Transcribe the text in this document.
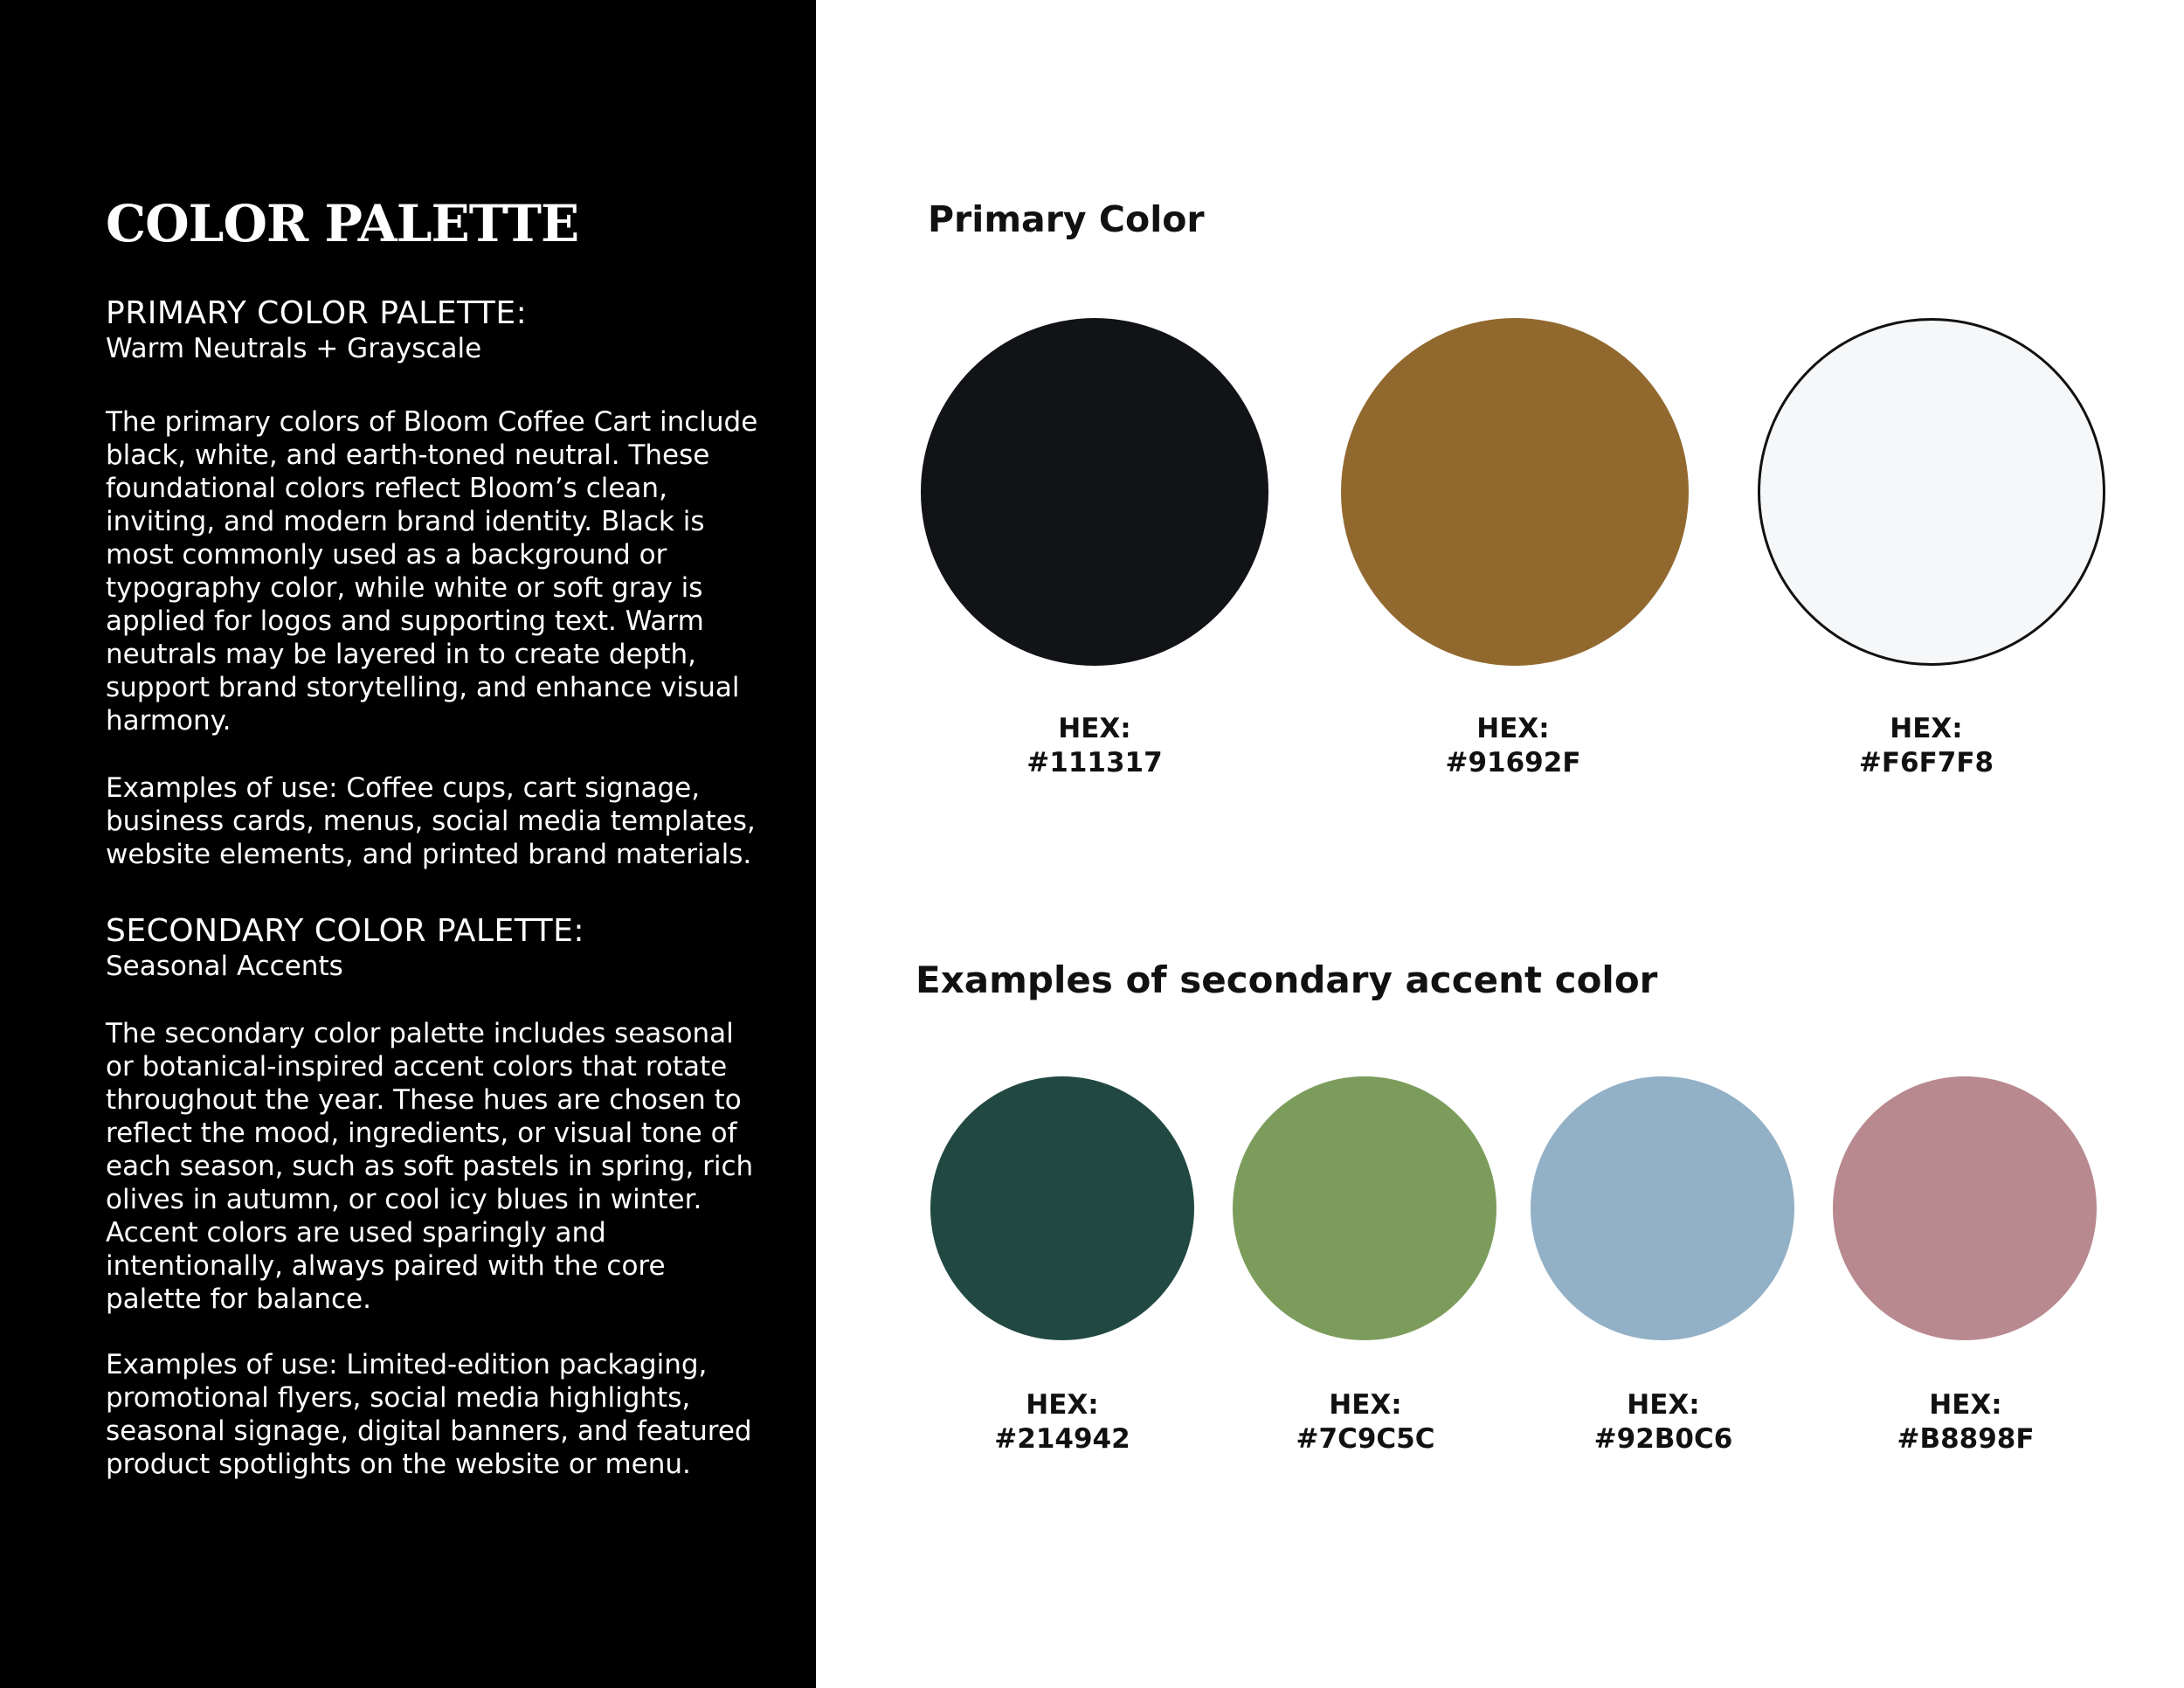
COLOR PALETTE
PRIMARY COLOR PALETTE:
Warm Neutrals + Grayscale
The primary colors of Bloom Coffee Cart include
black, white, and earth-toned neutral. These
foundational colors reflect Bloom’s clean,
inviting, and modern brand identity. Black is
most commonly used as a background or
typography color, while white or soft gray is
applied for logos and supporting text. Warm
neutrals may be layered in to create depth,
support brand storytelling, and enhance visual
harmony.
Examples of use: Coffee cups, cart signage,
business cards, menus, social media templates,
website elements, and printed brand materials.
SECONDARY COLOR PALETTE:
Seasonal Accents
The secondary color palette includes seasonal
or botanical-inspired accent colors that rotate
throughout the year. These hues are chosen to
reflect the mood, ingredients, or visual tone of
each season, such as soft pastels in spring, rich
olives in autumn, or cool icy blues in winter.
Accent colors are used sparingly and
intentionally, always paired with the core
palette for balance.
Examples of use: Limited-edition packaging,
promotional flyers, social media highlights,
seasonal signage, digital banners, and featured
product spotlights on the website or menu.
Primary Color
HEX:
#111317
HEX:
#91692F
HEX:
#F6F7F8
Examples of secondary accent color
HEX:
#214942
HEX:
#7C9C5C
HEX:
#92B0C6
HEX:
#B8898F
